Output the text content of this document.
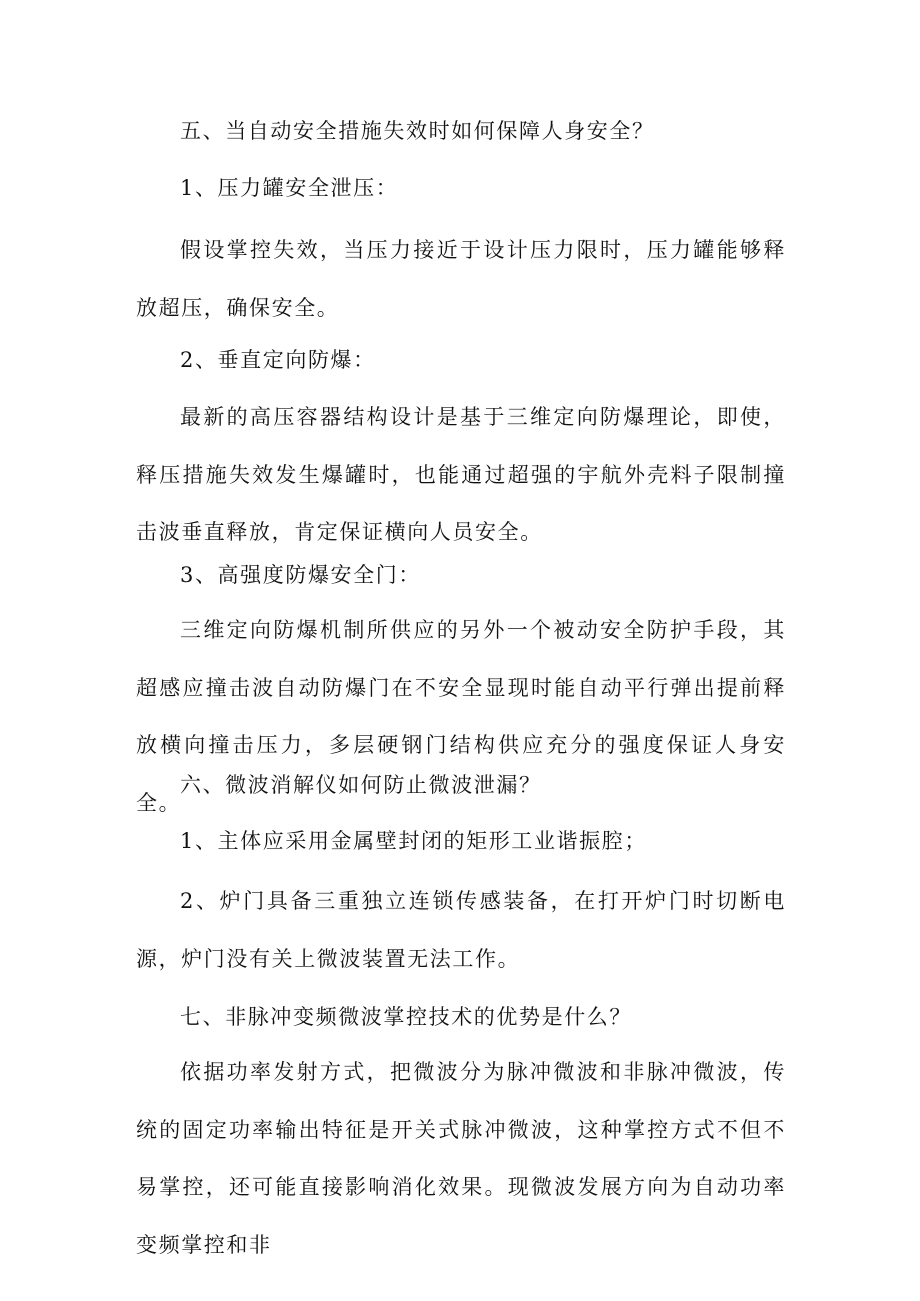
五、当自动安全措施失效时如何保障人身安全？

1、压力罐安全泄压：

假设掌控失效，当压力接近于设计压力限时，压力罐能够释放超压，确保安全。

2、垂直定向防爆：

最新的高压容器结构设计是基于三维定向防爆理论，即使，释压措施失效发生爆罐时，也能通过超强的宇航外壳料子限制撞击波垂直释放，肯定保证横向人员安全。

3、高强度防爆安全门：

三维定向防爆机制所供应的另外一个被动安全防护手段，其超感应撞击波自动防爆门在不安全显现时能自动平行弹出提前释放横向撞击压力，多层硬钢门结构供应充分的强度保证人身安全。

六、微波消解仪如何防止微波泄漏？

1、主体应采用金属壁封闭的矩形工业谐振腔；

2、炉门具备三重独立连锁传感装备，在打开炉门时切断电源，炉门没有关上微波装置无法工作。

七、非脉冲变频微波掌控技术的优势是什么？

依据功率发射方式，把微波分为脉冲微波和非脉冲微波，传统的固定功率输出特征是开关式脉冲微波，这种掌控方式不但不易掌控，还可能直接影响消化效果。现微波发展方向为自动功率变频掌控和非
